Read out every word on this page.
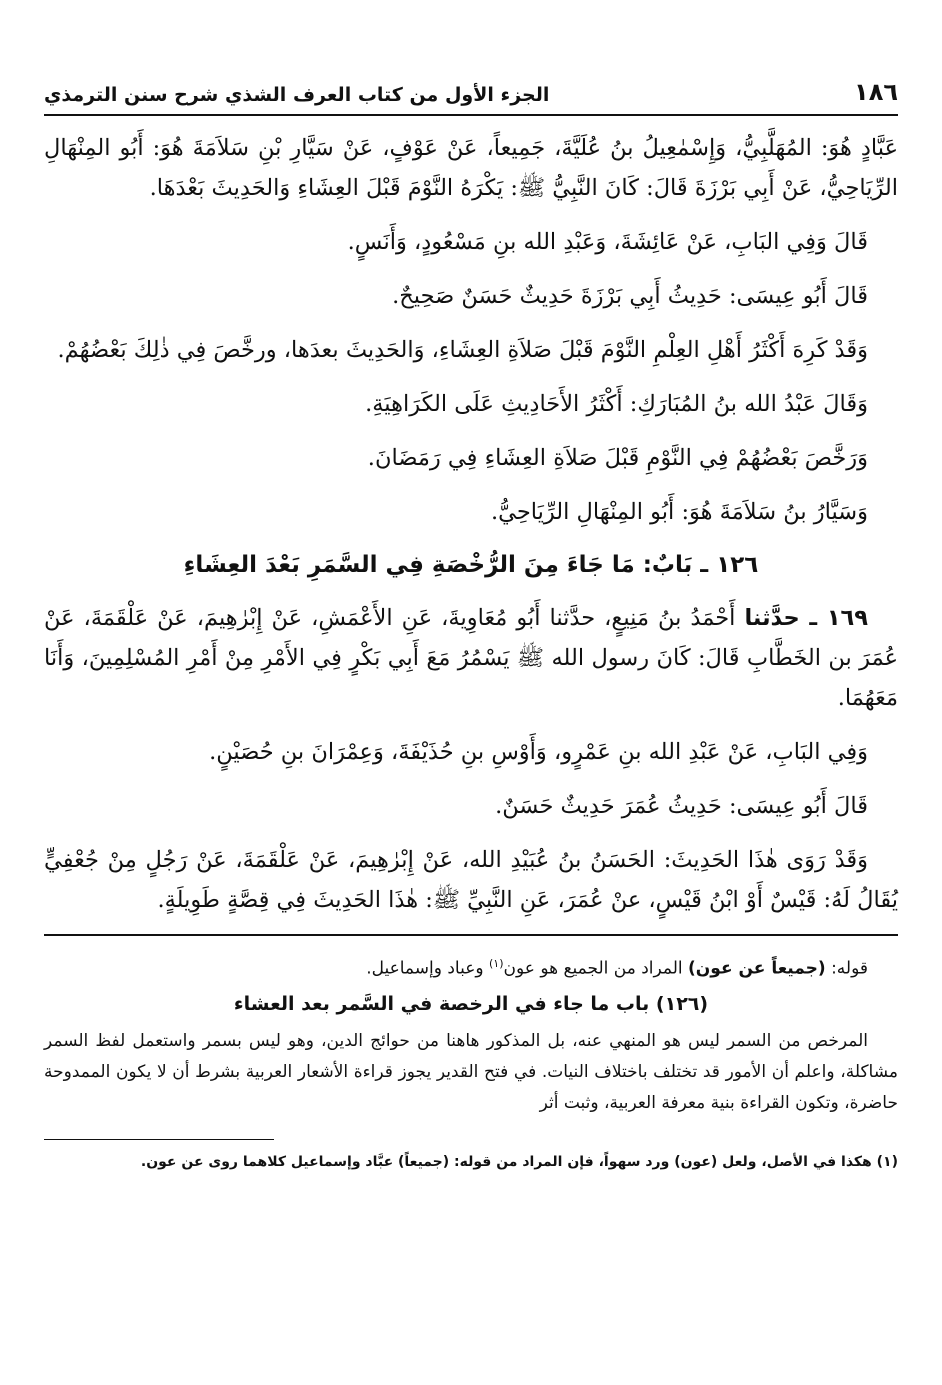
١٨٦
الجزء الأول من كتاب العرف الشذي شرح سنن الترمذي

عَبَّادٍ هُوَ: المُهَلَّبِيُّ، وَإِسْمٰعِيلُ بنُ عُلَيَّةَ، جَمِيعاً، عَنْ عَوْفٍ، عَنْ سَيَّارِ بْنِ سَلاَمَةَ هُوَ: أَبُو المِنْهَالِ الرِّيَاحِيُّ، عَنْ أَبِي بَرْزَةَ قَالَ: كَانَ النَّبِيُّ ﷺ: يَكْرَهُ النَّوْمَ قَبْلَ العِشَاءِ وَالحَدِيثَ بَعْدَهَا.

قَالَ وَفِي البَابِ، عَنْ عَائِشَةَ، وَعَبْدِ الله بنِ مَسْعُودٍ، وَأَنَسٍ.

قَالَ أَبُو عِيسَى: حَدِيثُ أَبِي بَرْزَةَ حَدِيثٌ حَسَنٌ صَحِيحٌ.

وَقَدْ كَرِهَ أَكْثَرُ أَهْلِ العِلْمِ النَّوْمَ قَبْلَ صَلاَةِ العِشَاءِ، وَالحَدِيثَ بعدَها، ورخَّصَ فِي ذٰلِكَ بَعْضُهُمْ.

وَقَالَ عَبْدُ الله بنُ المُبَارَكِ: أَكْثَرُ الأَحَادِيثِ عَلَى الكَرَاهِيَةِ.

وَرَخَّصَ بَعْضُهُمْ فِي النَّوْمِ قَبْلَ صَلاَةِ العِشَاءِ فِي رَمَضَانَ.

وَسَيَّارُ بنُ سَلاَمَةَ هُوَ: أَبُو المِنْهَالِ الرِّيَاحِيُّ.

١٢٦ ـ بَابٌ: مَا جَاءَ مِنَ الرُّخْصَةِ فِي السَّمَرِ بَعْدَ العِشَاءِ

١٦٩ ـ حدَّثنا أَحْمَدُ بنُ مَنِيعٍ، حدَّثنا أَبُو مُعَاوِيةَ، عَنِ الأَعْمَشِ، عَنْ إِبْرٰهِيمَ، عَنْ عَلْقَمَةَ، عَنْ عُمَرَ بن الخَطَّابِ قَالَ: كَانَ رسول الله ﷺ يَسْمُرُ مَعَ أَبِي بَكْرٍ فِي الأَمْرِ مِنْ أَمْرِ المُسْلِمِينَ، وَأَنَا مَعَهُمَا.

وَفِي البَابِ، عَنْ عَبْدِ الله بنِ عَمْرٍو، وَأَوْسِ بنِ حُذَيْفَةَ، وَعِمْرَانَ بنِ حُصَيْنٍ.

قَالَ أَبُو عِيسَى: حَدِيثُ عُمَرَ حَدِيثٌ حَسَنٌ.

وَقَدْ رَوَى هٰذَا الحَدِيثَ: الحَسَنُ بنُ عُبَيْدِ الله، عَنْ إِبْرٰهِيمَ، عَنْ عَلْقَمَةَ، عَنْ رَجُلٍ مِنْ جُعْفِيٍّ يُقَالُ لَهُ: قَيْسٌ أَوْ ابْنُ قَيْسٍ، عنْ عُمَرَ، عَنِ النَّبِيِّ ﷺ: هٰذَا الحَدِيثَ فِي قِصَّةٍ طَوِيلَةٍ.

قوله: (جميعاً عن عون) المراد من الجميع هو عون$^{(١)}$ وعباد وإسماعيل.

(١٢٦) باب ما جاء في الرخصة في السَّمر بعد العشاء

المرخص من السمر ليس هو المنهي عنه، بل المذكور هاهنا من حوائج الدين، وهو ليس بسمر واستعمل لفظ السمر مشاكلة، واعلم أن الأمور قد تختلف باختلاف النيات. في فتح القدير يجوز قراءة الأشعار العربية بشرط أن لا يكون الممدوحة حاضرة، وتكون القراءة بنية معرفة العربية، وثبت أثر

(١) هكذا في الأصل، ولعل (عون) ورد سهواً، فإن المراد من قوله: (جميعاً) عبَّاد وإسماعيل كلاهما روى عن عون.
